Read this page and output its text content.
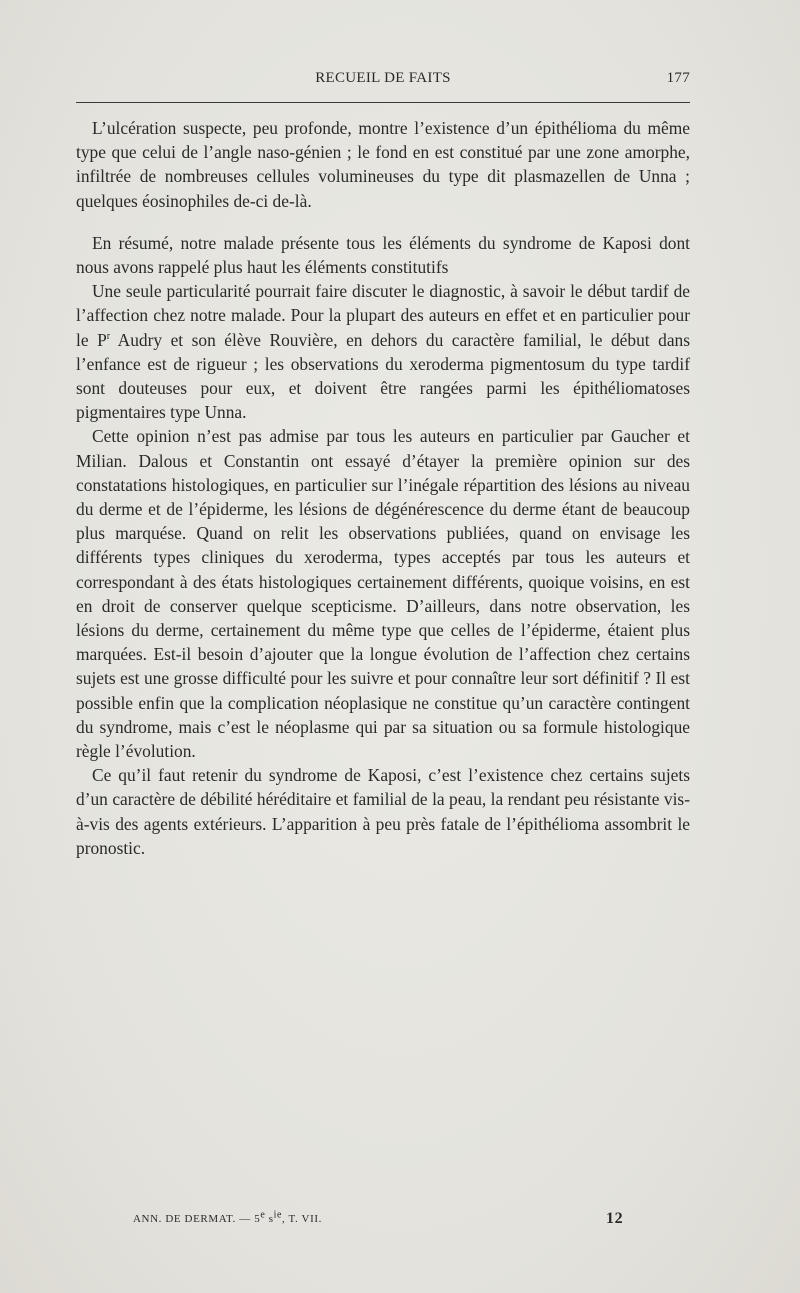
RECUEIL DE FAITS	177

L’ulcération suspecte, peu profonde, montre l’existence d’un épithélioma du même type que celui de l’angle naso-génien ; le fond en est constitué par une zone amorphe, infiltrée de nombreuses cellules volumineuses du type dit plasmazellen de Unna ; quelques éosinophiles de-ci de-là.

En résumé, notre malade présente tous les éléments du syndrome de Kaposi dont nous avons rappelé plus haut les éléments constitutifs

Une seule particularité pourrait faire discuter le diagnostic, à savoir le début tardif de l’affection chez notre malade. Pour la plupart des auteurs en effet et en particulier pour le $P^r$ Audry et son élève Rouvière, en dehors du caractère familial, le début dans l’enfance est de rigueur ; les observations du xeroderma pigmentosum du type tardif sont douteuses pour eux, et doivent être rangées parmi les épithéliomatoses pigmentaires type Unna.

Cette opinion n’est pas admise par tous les auteurs en particulier par Gaucher et Milian. Dalous et Constantin ont essayé d’étayer la première opinion sur des constatations histologiques, en particulier sur l’inégale répartition des lésions au niveau du derme et de l’épiderme, les lésions de dégénérescence du derme étant de beaucoup plus marquése. Quand on relit les observations publiées, quand on envisage les différents types cliniques du xeroderma, types acceptés par tous les auteurs et correspondant à des états histologiques certainement différents, quoique voisins, en est en droit de conserver quelque scepticisme. D’ailleurs, dans notre observation, les lésions du derme, certainement du même type que celles de l’épiderme, étaient plus marquées. Est-il besoin d’ajouter que la longue évolution de l’affection chez certains sujets est une grosse difficulté pour les suivre et pour connaître leur sort définitif ? Il est possible enfin que la complication néoplasique ne constitue qu’un caractère contingent du syndrome, mais c’est le néoplasme qui par sa situation ou sa formule histologique règle l’évolution.

Ce qu’il faut retenir du syndrome de Kaposi, c’est l’existence chez certains sujets d’un caractère de débilité héréditaire et familial de la peau, la rendant peu résistante vis-à-vis des agents extérieurs. L’apparition à peu près fatale de l’épithélioma assombrit le pronostic.

ANN. DE DERMAT. — 5e $s^{ie}$, T. VII.	12
